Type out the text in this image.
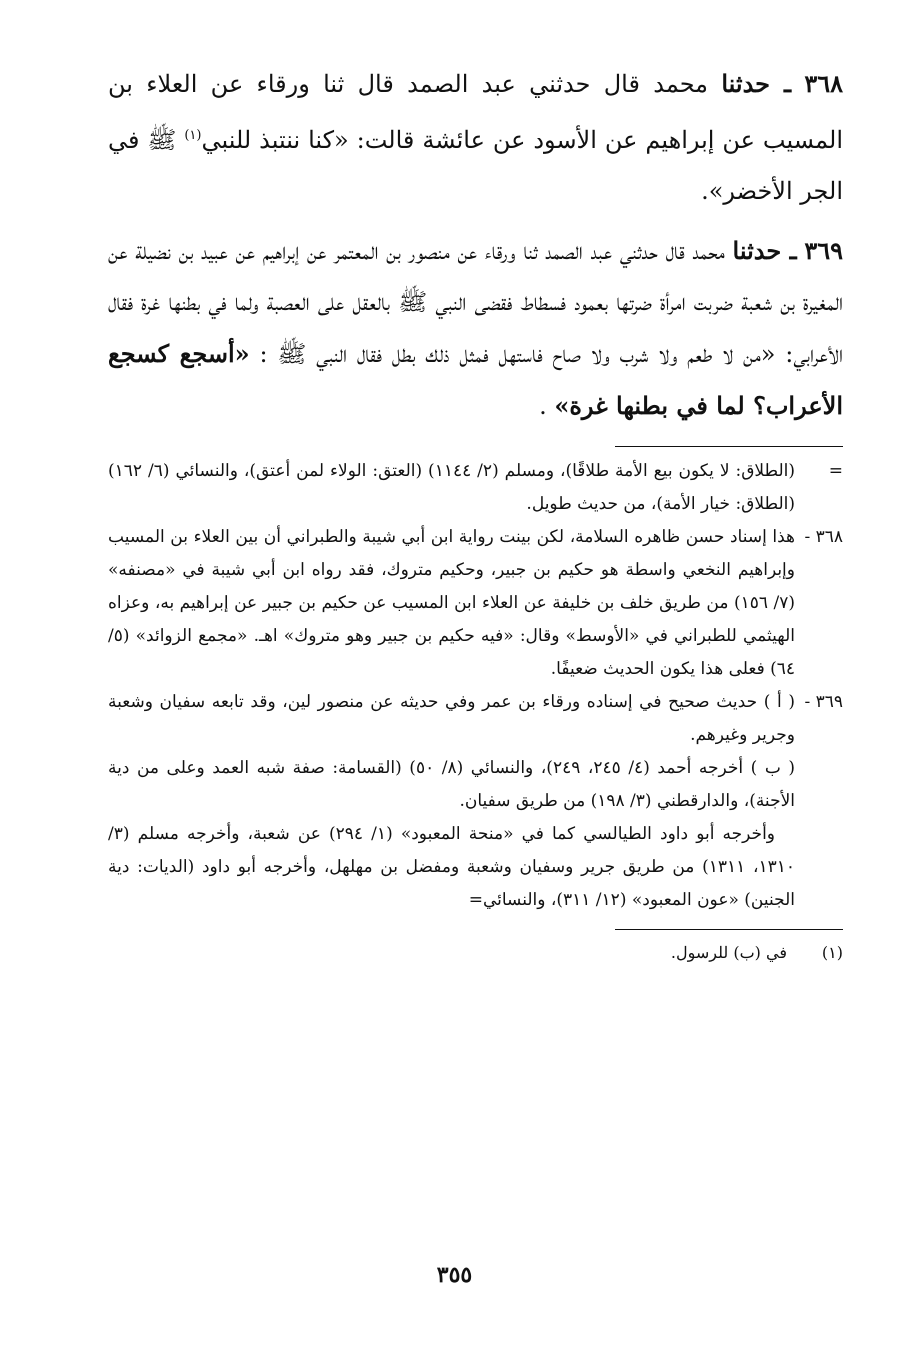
٣٦٨ ـ حدثنا محمد قال حدثني عبد الصمد قال ثنا ورقاء عن العلاء بن المسيب عن إبراهيم عن الأسود عن عائشة قالت: «كنا ننتبذ للنبي$^{(١)}$ ﷺ في الجر الأخضر».

٣٦٩ ـ حدثنا محمد قال حدثني عبد الصمد ثنا ورقاء عن منصور بن المعتمر عن إبراهيم عن عبيد بن نضيلة عن المغيرة بن شعبة ضربت امرأة ضرتها بعمود فسطاط فقضى النبي ﷺ بالعقل على العصبة ولما في بطنها غرة فقال الأعرابي: «من لا طعم ولا شرب ولا صاح فاستهل فمثل ذلك بطل فقال النبي ﷺ : «أسجع كسجع الأعراب؟ لما في بطنها غرة» .

=
(الطلاق: لا يكون بيع الأمة طلاقًا)، ومسلم (٢/ ١١٤٤) (العتق: الولاء لمن أعتق)، والنسائي (٦/ ١٦٢) (الطلاق: خيار الأمة)، من حديث طويل.

٣٦٨ -
هذا إسناد حسن ظاهره السلامة، لكن بينت رواية ابن أبي شيبة والطبراني أن بين العلاء بن المسيب وإبراهيم النخعي واسطة هو حكيم بن جبير، وحكيم متروك، فقد رواه ابن أبي شيبة في «مصنفه» (٧/ ١٥٦) من طريق خلف بن خليفة عن العلاء ابن المسيب عن حكيم بن جبير عن إبراهيم به، وعزاه الهيثمي للطبراني في «الأوسط» وقال: «فيه حكيم بن جبير وهو متروك» اهـ. «مجمع الزوائد» (٥/ ٦٤) فعلى هذا يكون الحديث ضعيفًا.

٣٦٩ -

( أ ) حديث صحيح في إسناده ورقاء بن عمر وفي حديثه عن منصور لين، وقد تابعه سفيان وشعبة وجرير وغيرهم.

( ب ) أخرجه أحمد (٤/ ٢٤٥، ٢٤٩)، والنسائي (٨/ ٥٠) (القسامة: صفة شبه العمد وعلى من دية الأجنة)، والدارقطني (٣/ ١٩٨) من طريق سفيان.

وأخرجه أبو داود الطيالسي كما في «منحة المعبود» (١/ ٢٩٤) عن شعبة، وأخرجه مسلم (٣/ ١٣١٠، ١٣١١) من طريق جرير وسفيان وشعبة ومفضل بن مهلهل، وأخرجه أبو داود (الديات: دية الجنين) «عون المعبود» (١٢/ ٣١١)، والنسائي=

(١)
في (ب) للرسول.

٣٥٥
